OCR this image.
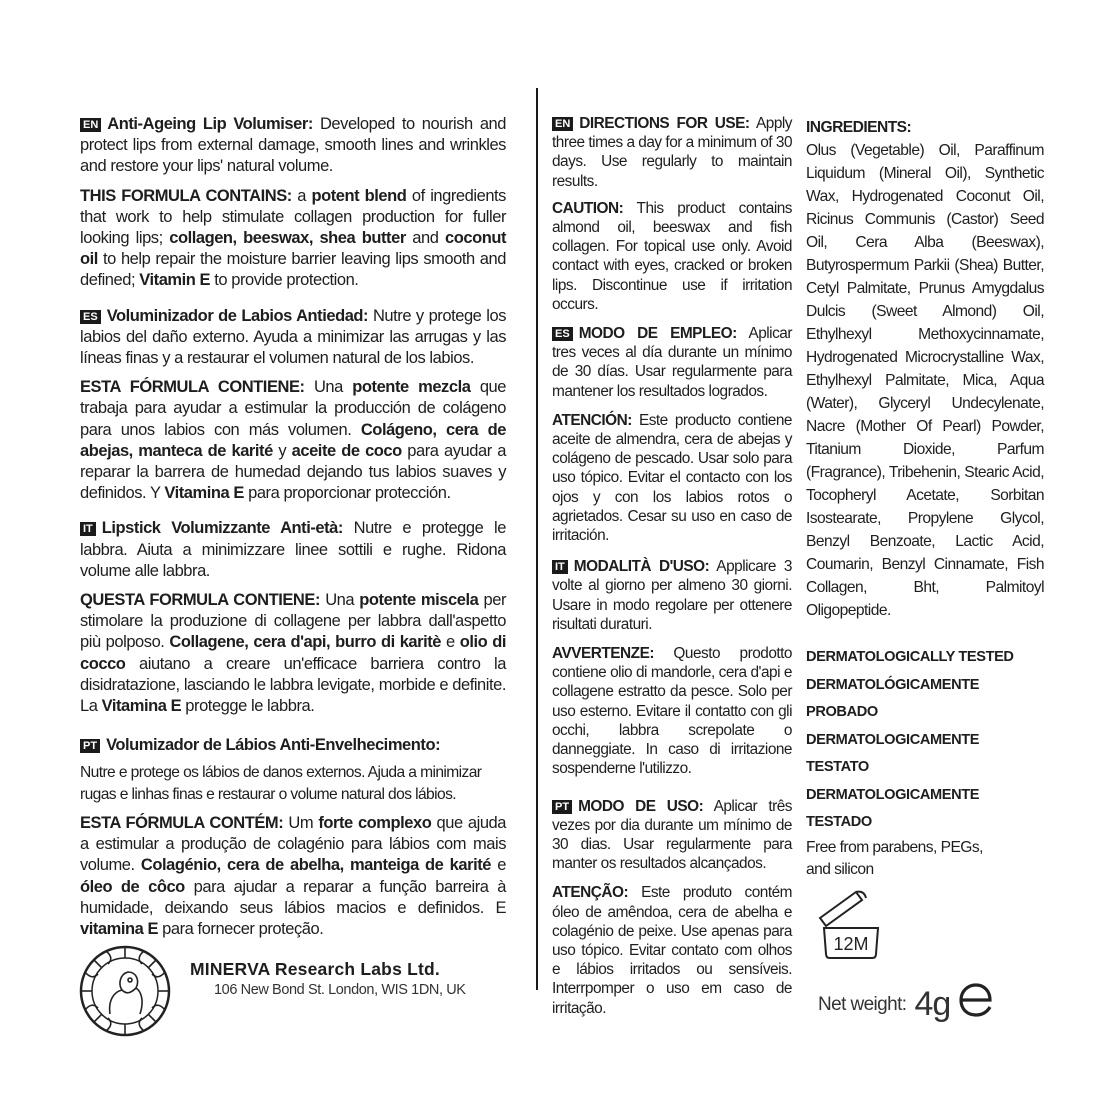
EN Anti-Ageing Lip Volumiser: Developed to nourish and protect lips from external damage, smooth lines and wrinkles and restore your lips' natural volume.

THIS FORMULA CONTAINS: a potent blend of ingredients that work to help stimulate collagen production for fuller looking lips; collagen, beeswax, shea butter and coconut oil to help repair the moisture barrier leaving lips smooth and defined; Vitamin E to provide protection.

ES Voluminizador de Labios Antiedad: Nutre y protege los labios del daño externo. Ayuda a minimizar las arrugas y las líneas finas y a restaurar el volumen natural de los labios.

ESTA FÓRMULA CONTIENE: Una potente mezcla que trabaja para ayudar a estimular la producción de colágeno para unos labios con más volumen. Colágeno, cera de abejas, manteca de karité y aceite de coco para ayudar a reparar la barrera de humedad dejando tus labios suaves y definidos. Y Vitamina E para proporcionar protección.

IT Lipstick Volumizzante Anti-età: Nutre e protegge le labbra. Aiuta a minimizzare linee sottili e rughe. Ridona volume alle labbra.

QUESTA FORMULA CONTIENE: Una potente miscela per stimolare la produzione di collagene per labbra dall'aspetto più polposo. Collagene, cera d'api, burro di karitè e olio di cocco aiutano a creare un'efficace barriera contro la disidratazione, lasciando le labbra levigate, morbide e definite. La Vitamina E protegge le labbra.

PT Volumizador de Lábios Anti-Envelhecimento:

Nutre e protege os lábios de danos externos. Ajuda a minimizar rugas e linhas finas e restaurar o volume natural dos lábios.

ESTA FÓRMULA CONTÉM: Um forte complexo que ajuda a estimular a produção de colagénio para lábios com mais volume. Colagénio, cera de abelha, manteiga de karité e óleo de côco para ajudar a reparar a função barreira à humidade, deixando seus lábios macios e definidos. E vitamina E para fornecer proteção.

EN DIRECTIONS FOR USE: Apply three times a day for a minimum of 30 days. Use regularly to maintain results.

CAUTION: This product contains almond oil, beeswax and fish collagen. For topical use only. Avoid contact with eyes, cracked or broken lips. Discontinue use if irritation occurs.

ES MODO DE EMPLEO: Aplicar tres veces al día durante un mínimo de 30 días. Usar regularmente para mantener los resultados logrados.

ATENCIÓN: Este producto contiene aceite de almendra, cera de abejas y colágeno de pescado. Usar solo para uso tópico. Evitar el contacto con los ojos y con los labios rotos o agrietados. Cesar su uso en caso de irritación.

IT MODALITÀ D'USO: Applicare 3 volte al giorno per almeno 30 giorni. Usare in modo regolare per ottenere risultati duraturi.

AVVERTENZE: Questo prodotto contiene olio di mandorle, cera d'api e collagene estratto da pesce. Solo per uso esterno. Evitare il contatto con gli occhi, labbra screpolate o danneggiate. In caso di irritazione sospenderne l'utilizzo.

PT MODO DE USO: Aplicar três vezes por dia durante um mínimo de 30 dias. Usar regularmente para manter os resultados alcançados.

ATENÇÃO: Este produto contém óleo de amêndoa, cera de abelha e colagénio de peixe. Use apenas para uso tópico. Evitar contato com olhos e lábios irritados ou sensíveis. Interrpomper o uso em caso de irritação.

INGREDIENTS:

Olus (Vegetable) Oil, Paraffinum Liquidum (Mineral Oil), Synthetic Wax, Hydrogenated Coconut Oil, Ricinus Communis (Castor) Seed Oil, Cera Alba (Beeswax), Butyrospermum Parkii (Shea) Butter, Cetyl Palmitate, Prunus Amygdalus Dulcis (Sweet Almond) Oil, Ethylhexyl Methoxycinnamate, Hydrogenated Microcrystalline Wax, Ethylhexyl Palmitate, Mica, Aqua (Water), Glyceryl Undecylenate, Nacre (Mother Of Pearl) Powder, Titanium Dioxide, Parfum (Fragrance), Tribehenin, Stearic Acid, Tocopheryl Acetate, Sorbitan Isostearate, Propylene Glycol, Benzyl Benzoate, Lactic Acid, Coumarin, Benzyl Cinnamate, Fish Collagen, Bht, Palmitoyl Oligopeptide.

DERMATOLOGICALLY TESTED
DERMATOLÓGICAMENTE PROBADO
DERMATOLOGICAMENTE TESTATO
DERMATOLOGICAMENTE TESTADO

Free from parabens, PEGs, and silicon

MINERVA Research Labs Ltd.
106 New Bond St. London, WIS 1DN, UK
12M
Net weight: 4g
